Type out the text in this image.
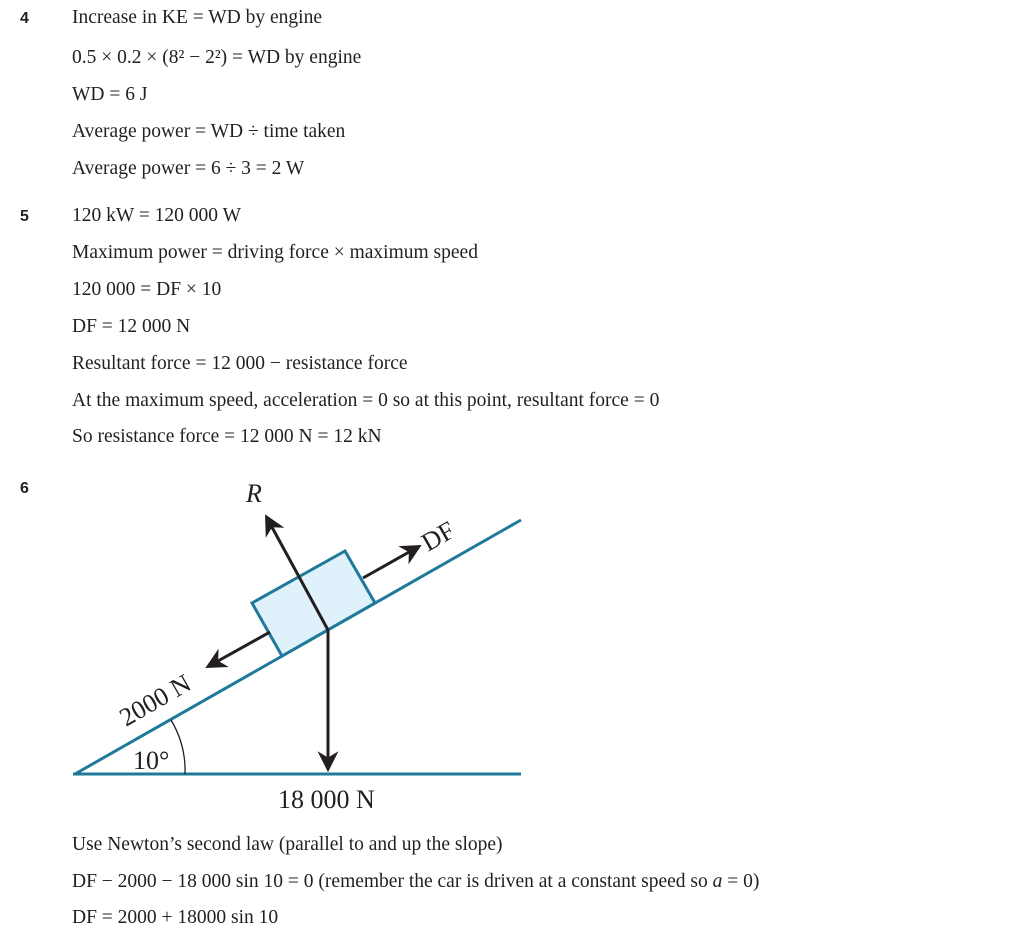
4 Increase in KE = WD by engine
0.5 × 0.2 × (8² − 2²) = WD by engine
WD = 6 J
Average power = WD ÷ time taken
Average power = 6 ÷ 3 = 2 W
5 120 kW = 120 000 W
Maximum power = driving force × maximum speed
120 000 = DF × 10
DF = 12 000 N
Resultant force = 12 000 − resistance force
At the maximum speed, acceleration = 0 so at this point, resultant force = 0
So resistance force = 12 000 N = 12 kN
6	R
DF
2000 N
10°
18 000 N
Use Newton’s second law (parallel to and up the slope)
DF − 2000 − 18 000 sin 10 = 0 (remember the car is driven at a constant speed so a = 0)
DF = 2000 + 18000 sin 10
